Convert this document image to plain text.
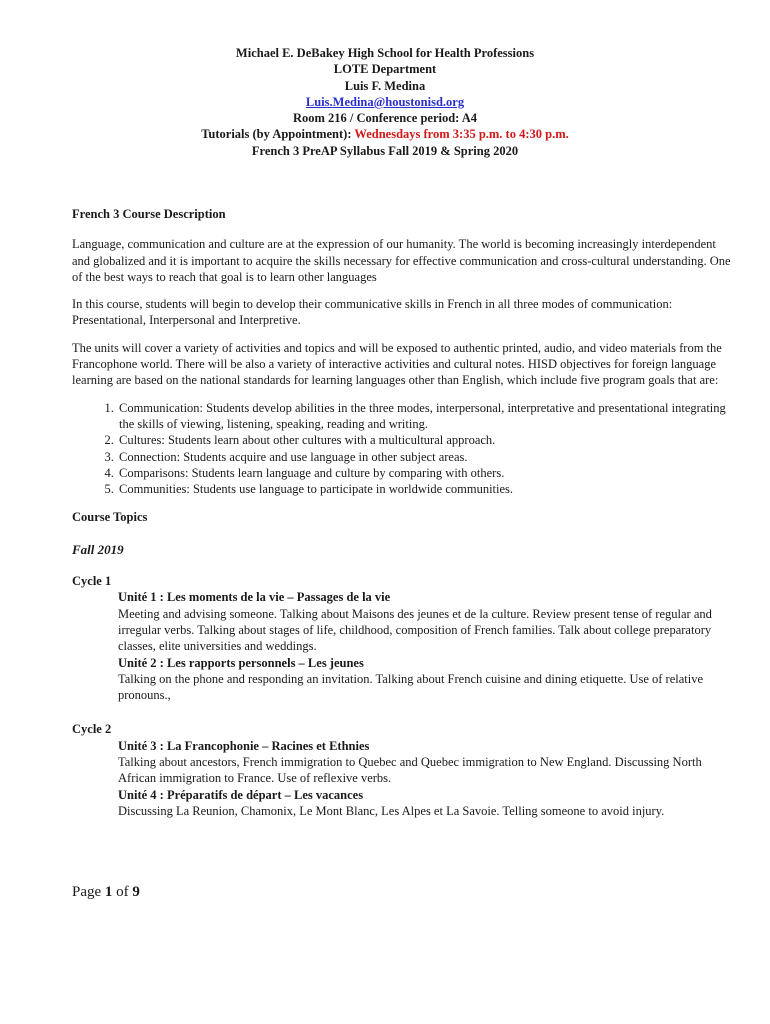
Michael E. DeBakey High School for Health Professions
LOTE Department
Luis F. Medina
Luis.Medina@houstonisd.org
Room 216 / Conference period: A4
Tutorials (by Appointment): Wednesdays from 3:35 p.m. to 4:30 p.m.
French 3 PreAP Syllabus Fall 2019 & Spring 2020

French 3 Course Description

Language, communication and culture are at the expression of our humanity. The world is becoming increasingly interdependent and globalized and it is important to acquire the skills necessary for effective communication and cross-cultural understanding. One of the best ways to reach that goal is to learn other languages

In this course, students will begin to develop their communicative skills in French in all three modes of communication: Presentational, Interpersonal and Interpretive.

The units will cover a variety of activities and topics and will be exposed to authentic printed, audio, and video materials from the Francophone world. There will be also a variety of interactive activities and cultural notes. HISD objectives for foreign language learning are based on the national standards for learning languages other than English, which include five program goals that are:

1. Communication: Students develop abilities in the three modes, interpersonal, interpretative and presentational integrating the skills of viewing, listening, speaking, reading and writing.
2. Cultures: Students learn about other cultures with a multicultural approach.
3. Connection: Students acquire and use language in other subject areas.
4. Comparisons: Students learn language and culture by comparing with others.
5. Communities: Students use language to participate in worldwide communities.

Course Topics

Fall 2019

Cycle 1

Unité 1 : Les moments de la vie – Passages de la vie

Meeting and advising someone. Talking about Maisons des jeunes et de la culture. Review present tense of regular and irregular verbs. Talking about stages of life, childhood, composition of French families. Talk about college preparatory classes, elite universities and weddings.

Unité 2 : Les rapports personnels – Les jeunes

Talking on the phone and responding an invitation. Talking about French cuisine and dining etiquette. Use of relative pronouns.,

Cycle 2

Unité 3 : La Francophonie – Racines et Ethnies

Talking about ancestors, French immigration to Quebec and Quebec immigration to New England. Discussing North African immigration to France. Use of reflexive verbs.

Unité 4 : Préparatifs de départ – Les vacances

Discussing La Reunion, Chamonix, Le Mont Blanc, Les Alpes et La Savoie. Telling someone to avoid injury.

Page 1 of 9
